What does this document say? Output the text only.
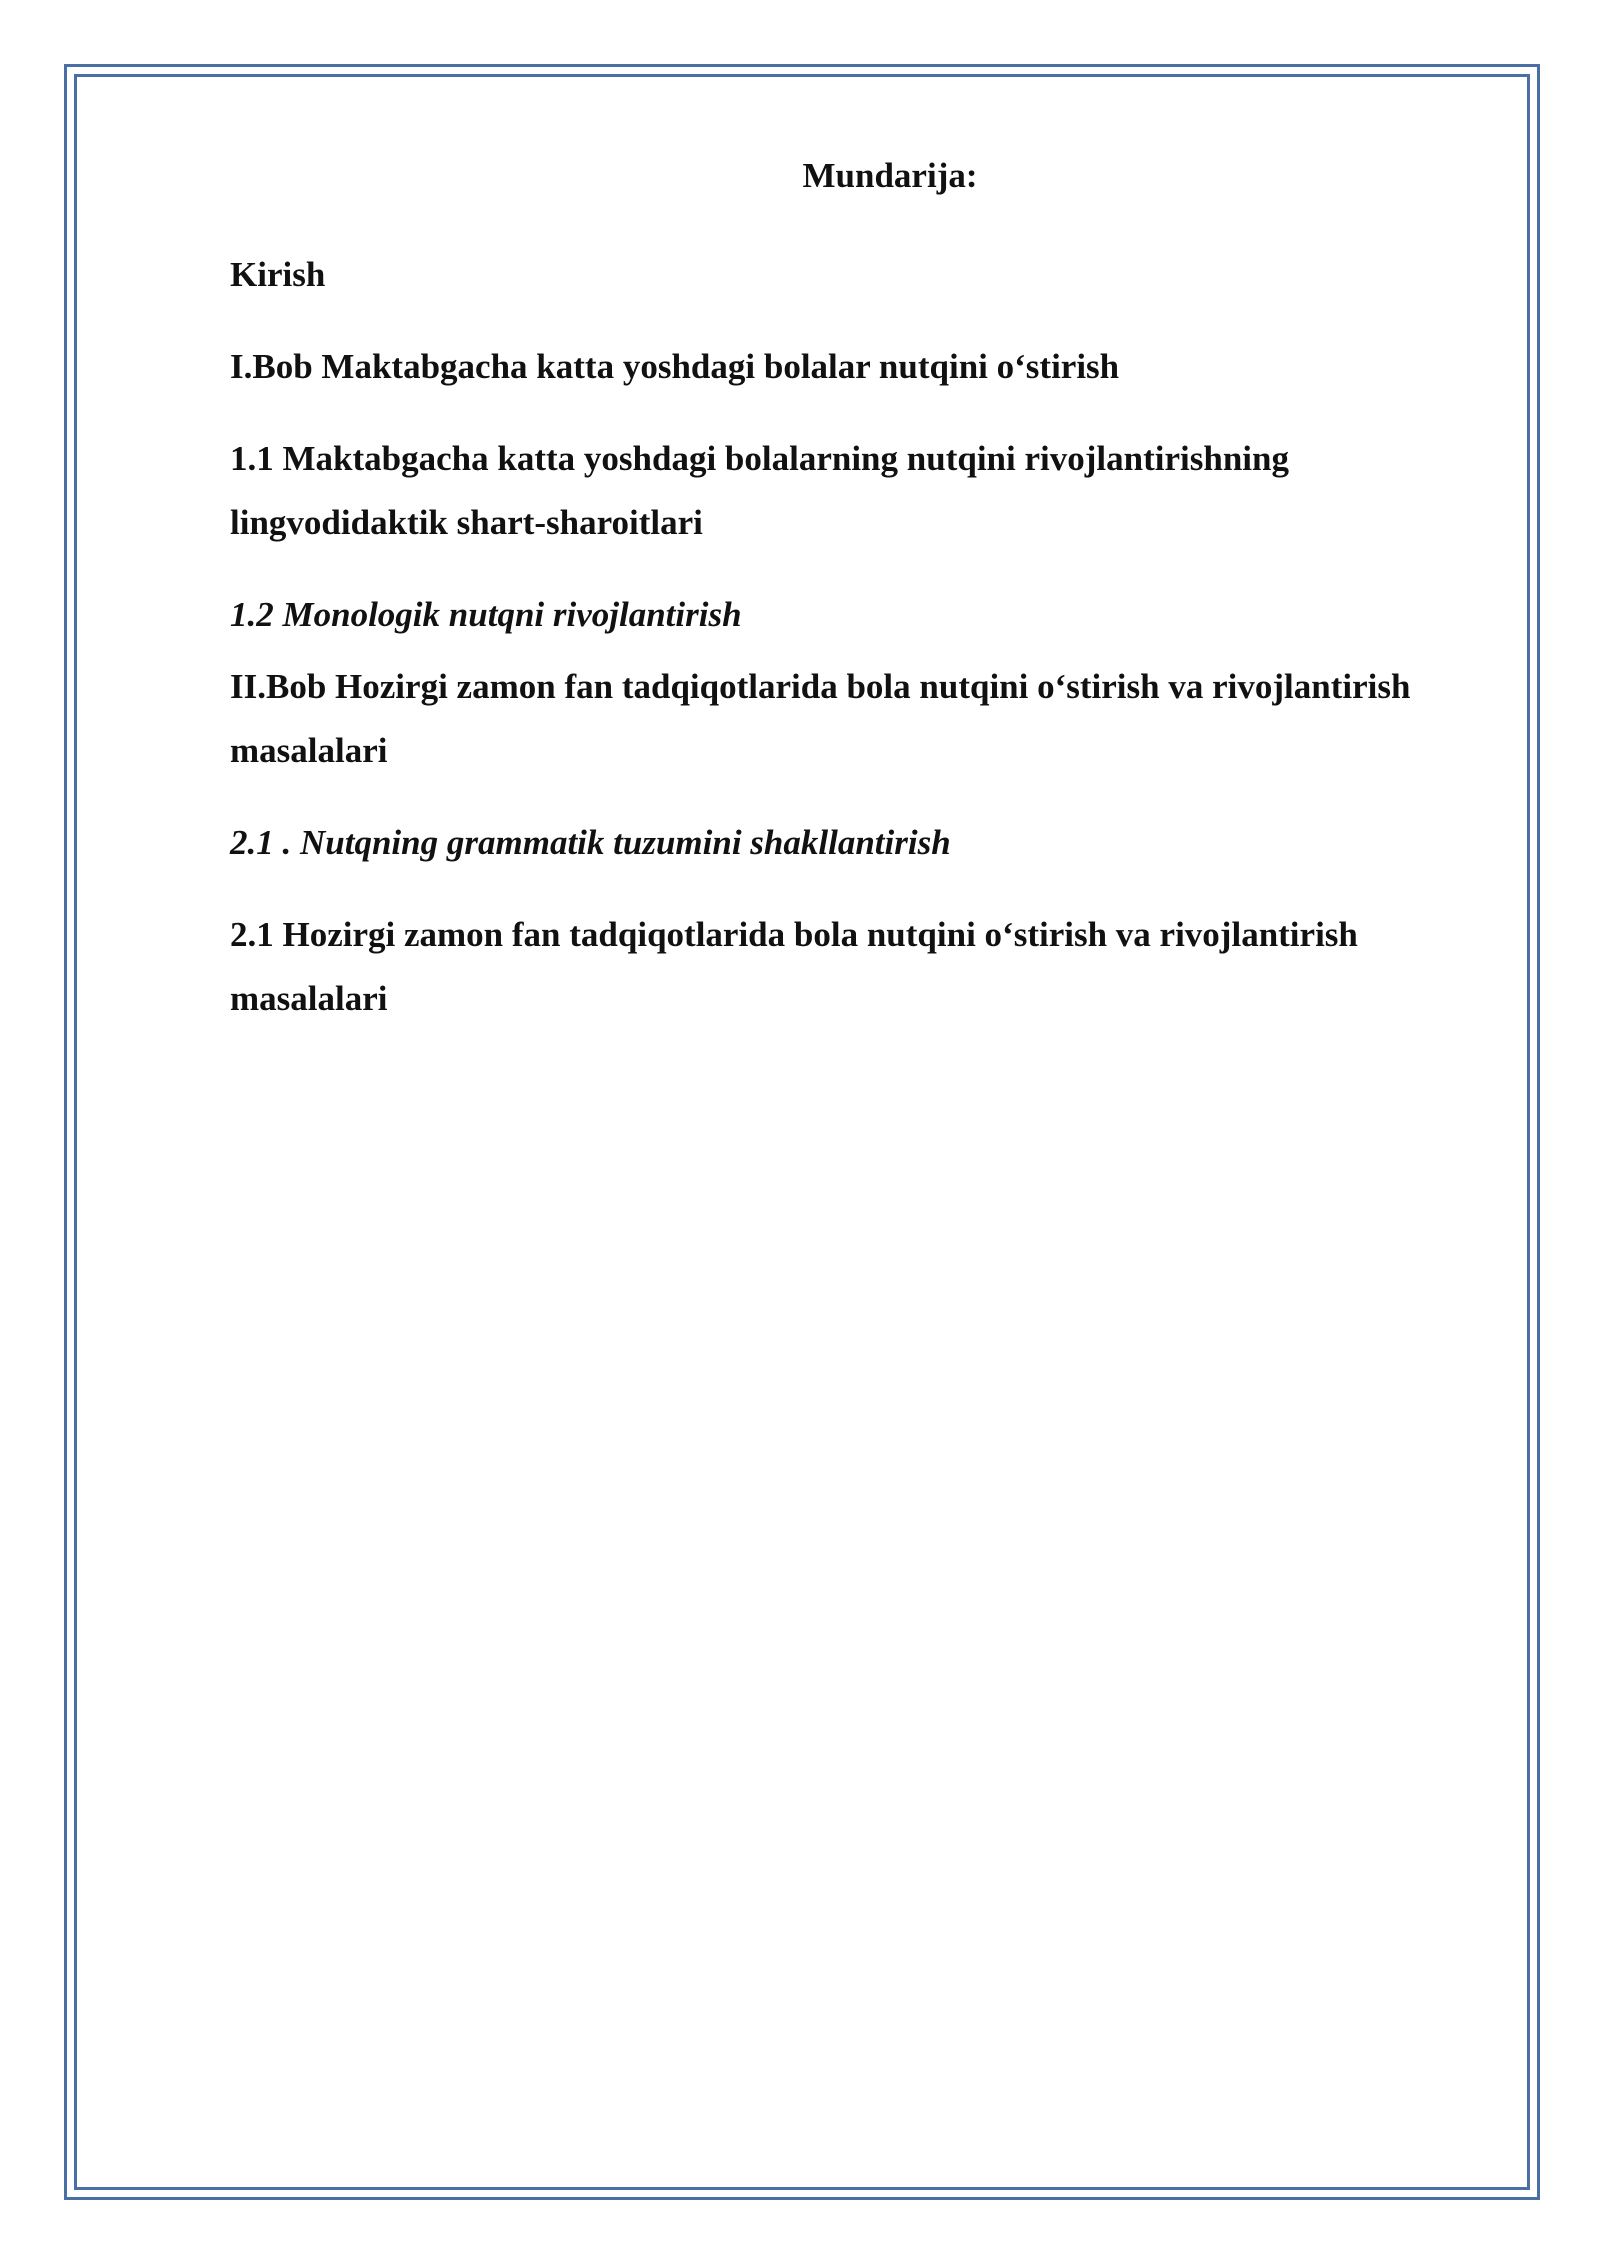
Mundarija:
Kirish
I.Bob Maktabgacha katta yoshdagi bolalar nutqini o‘stirish
1.1 Maktabgacha katta yoshdagi bolalarning nutqini rivojlantirishning lingvodidaktik shart-sharoitlari
1.2 Monologik nutqni rivojlantirish
II.Bob Hozirgi zamon fan tadqiqotlarida bola nutqini o‘stirish va rivojlantirish masalalari
2.1 . Nutqning grammatik tuzumini shakllantirish
2.1 Hozirgi zamon fan tadqiqotlarida bola nutqini o‘stirish va rivojlantirish masalalari
